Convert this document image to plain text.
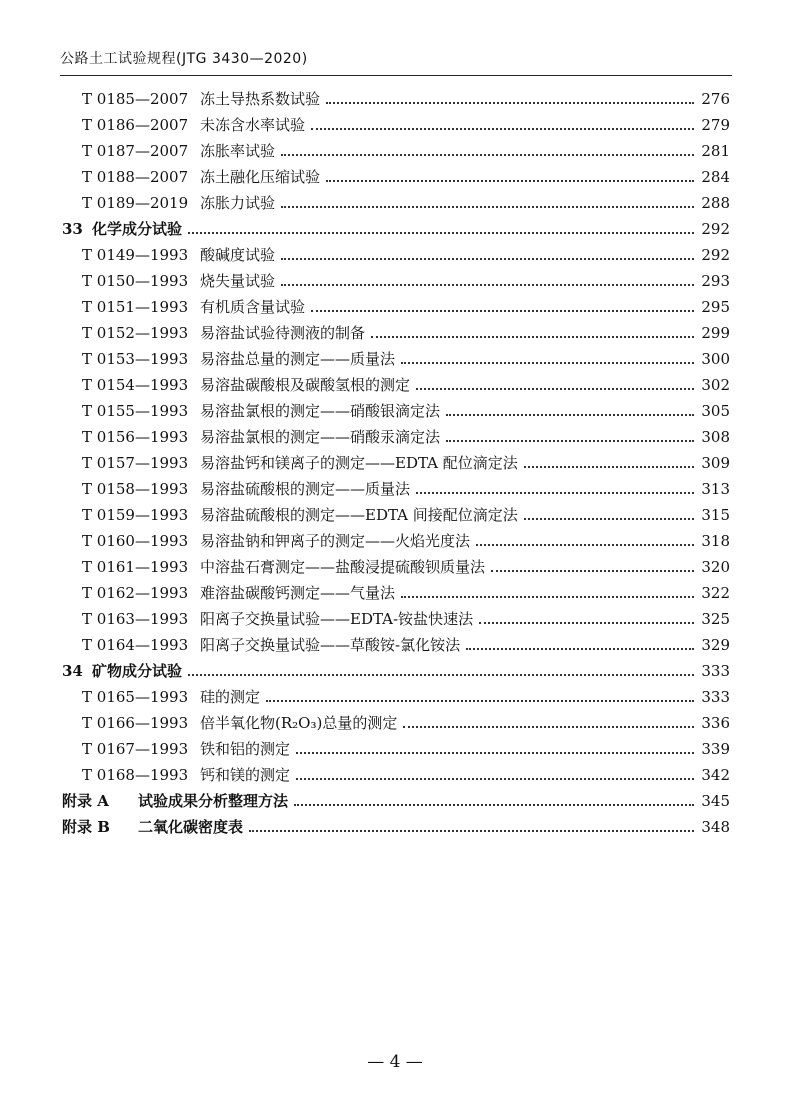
公路土工试验规程(JTG 3430—2020)
T 0185—2007 冻土导热系数试验	276
T 0186—2007 未冻含水率试验	279
T 0187—2007 冻胀率试验	281
T 0188—2007 冻土融化压缩试验	284
T 0189—2019 冻胀力试验	288
33 化学成分试验	292
T 0149—1993 酸碱度试验	292
T 0150—1993 烧失量试验	293
T 0151—1993 有机质含量试验	295
T 0152—1993 易溶盐试验待测液的制备	299
T 0153—1993 易溶盐总量的测定——质量法	300
T 0154—1993 易溶盐碳酸根及碳酸氢根的测定	302
T 0155—1993 易溶盐氯根的测定——硝酸银滴定法	305
T 0156—1993 易溶盐氯根的测定——硝酸汞滴定法	308
T 0157—1993 易溶盐钙和镁离子的测定——EDTA 配位滴定法	309
T 0158—1993 易溶盐硫酸根的测定——质量法	313
T 0159—1993 易溶盐硫酸根的测定——EDTA 间接配位滴定法	315
T 0160—1993 易溶盐钠和钾离子的测定——火焰光度法	318
T 0161—1993 中溶盐石膏测定——盐酸浸提硫酸钡质量法	320
T 0162—1993 难溶盐碳酸钙测定——气量法	322
T 0163—1993 阳离子交换量试验——EDTA-铵盐快速法	325
T 0164—1993 阳离子交换量试验——草酸铵-氯化铵法	329
34 矿物成分试验	333
T 0165—1993 硅的测定	333
T 0166—1993 倍半氧化物(R₂O₃)总量的测定	336
T 0167—1993 铁和铝的测定	339
T 0168—1993 钙和镁的测定	342
附录 A	试验成果分析整理方法	345
附录 B	二氧化碳密度表	348
— 4 —
